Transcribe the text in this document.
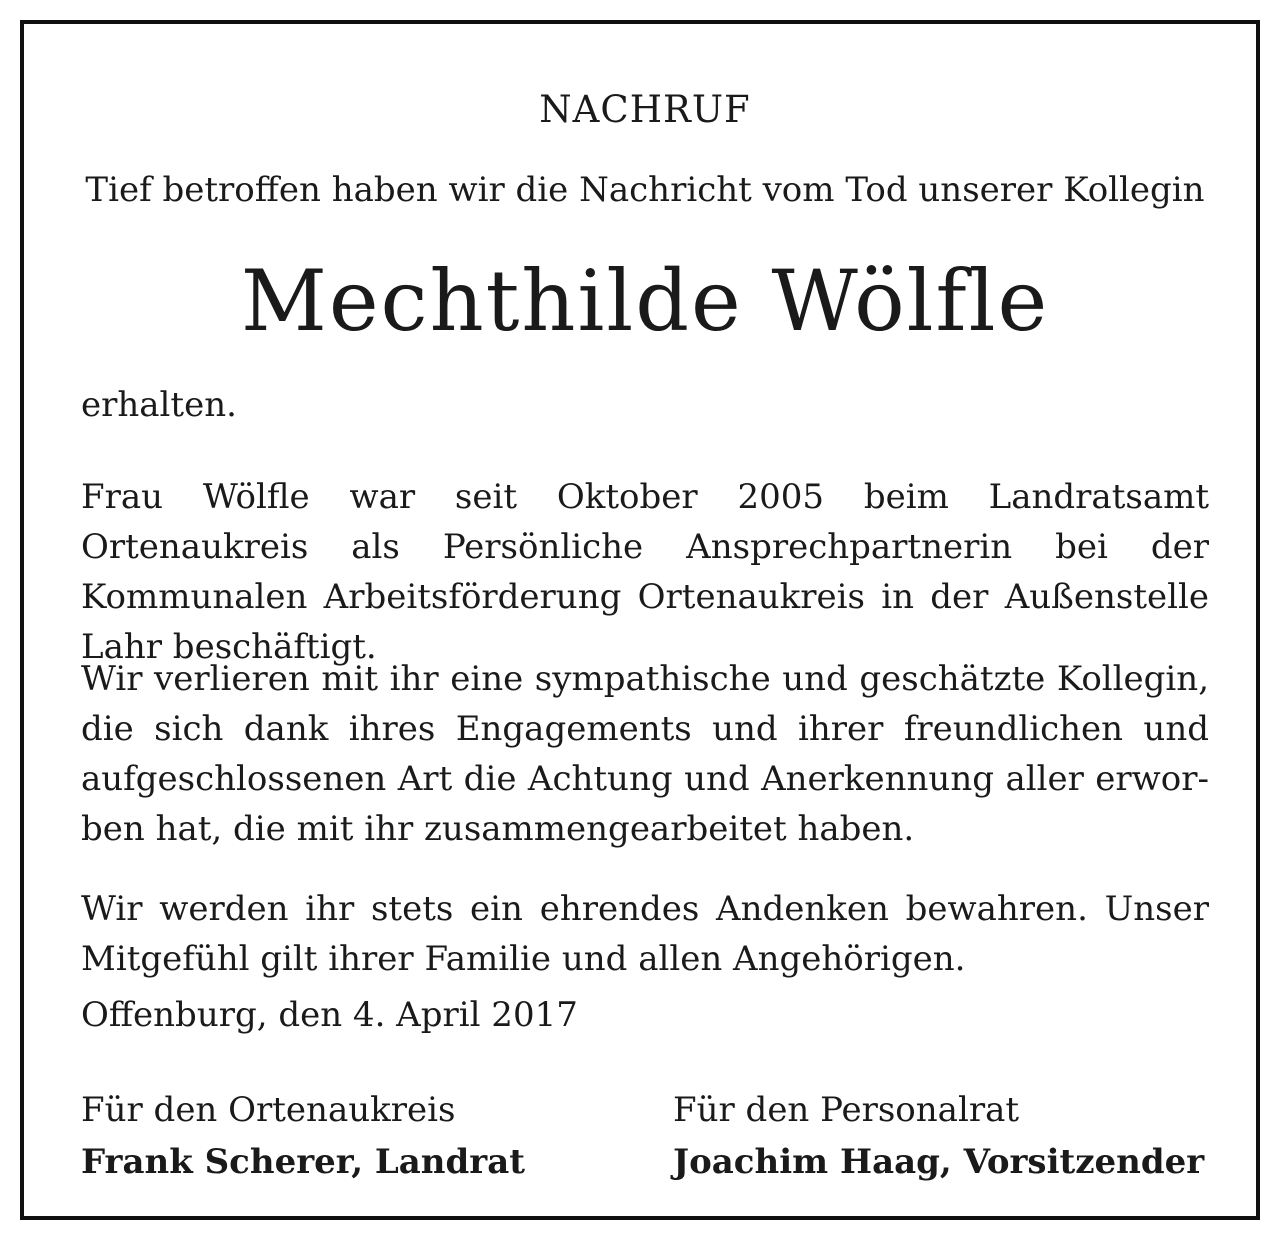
NACHRUF
Tief betroffen haben wir die Nachricht vom Tod unserer Kollegin
Mechthilde Wölfle
erhalten.
Frau Wölfle war seit Oktober 2005 beim Landratsamt Ortenaukreis als Persönliche Ansprechpartnerin bei der Kommunalen Arbeitsförderung Ortenaukreis in der Außenstelle Lahr beschäftigt.
Wir verlieren mit ihr eine sympathische und geschätzte Kollegin, die sich dank ihres Engagements und ihrer freundlichen und aufgeschlossenen Art die Achtung und Anerkennung aller erworben hat, die mit ihr zusammengearbeitet haben.
Wir werden ihr stets ein ehrendes Andenken bewahren. Unser Mitgefühl gilt ihrer Familie und allen Angehörigen.
Offenburg, den 4. April 2017
Für den Ortenaukreis
Frank Scherer, Landrat
Für den Personalrat
Joachim Haag, Vorsitzender
